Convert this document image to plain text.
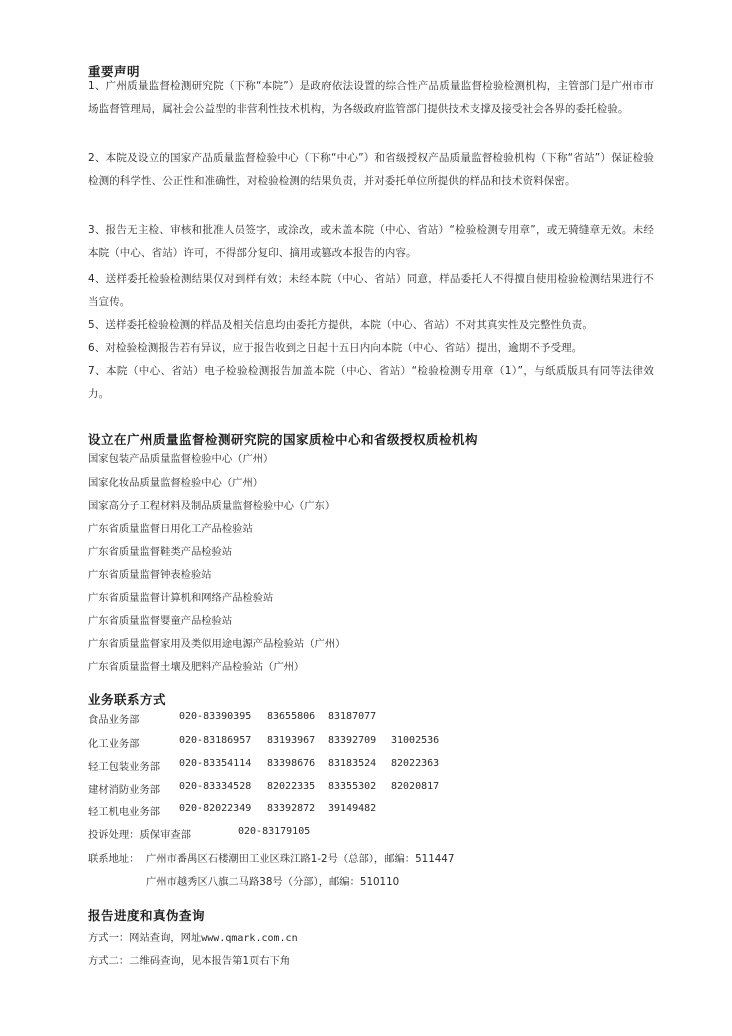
重要声明
1、广州质量监督检测研究院（下称“本院”）是政府依法设置的综合性产品质量监督检验检测机构，主管部门是广州市市场监督管理局，属社会公益型的非营利性技术机构，为各级政府监管部门提供技术支撑及接受社会各界的委托检验。
2、本院及设立的国家产品质量监督检验中心（下称“中心”）和省级授权产品质量监督检验机构（下称“省站”）保证检验检测的科学性、公正性和准确性，对检验检测的结果负责，并对委托单位所提供的样品和技术资料保密。
3、报告无主检、审核和批准人员签字，或涂改，或未盖本院（中心、省站）“检验检测专用章”，或无骑缝章无效。未经本院（中心、省站）许可，不得部分复印、摘用或篡改本报告的内容。
4、送样委托检验检测结果仅对到样有效；未经本院（中心、省站）同意，样品委托人不得擅自使用检验检测结果进行不当宣传。
5、送样委托检验检测的样品及相关信息均由委托方提供，本院（中心、省站）不对其真实性及完整性负责。
6、对检验检测报告若有异议，应于报告收到之日起十五日内向本院（中心、省站）提出，逾期不予受理。
7、本院（中心、省站）电子检验检测报告加盖本院（中心、省站）“检验检测专用章（1）”，与纸质版具有同等法律效力。
设立在广州质量监督检测研究院的国家质检中心和省级授权质检机构
国家包装产品质量监督检验中心（广州）
国家化妆品质量监督检验中心（广州）
国家高分子工程材料及制品质量监督检验中心（广东）
广东省质量监督日用化工产品检验站
广东省质量监督鞋类产品检验站
广东省质量监督钟表检验站
广东省质量监督计算机和网络产品检验站
广东省质量监督婴童产品检验站
广东省质量监督家用及类似用途电源产品检验站（广州）
广东省质量监督土壤及肥料产品检验站（广州）
业务联系方式
食品业务部	020-83390395 83655806 83187077
化工业务部	020-83186957 83193967 83392709 31002536
轻工包装业务部 020-83354114 83398676 83183524 82022363
建材消防业务部 020-83334528 82022335 83355302 82020817
轻工机电业务部 020-82022349 83392872 39149482
投诉处理：质保审查部	020-83179105
联系地址： 广州市番禺区石楼潮田工业区珠江路1-2号（总部），邮编：511447
广州市越秀区八旗二马路38号（分部），邮编：510110
报告进度和真伪查询
方式一：网站查询，网址www.qmark.com.cn
方式二：二维码查询，见本报告第1页右下角
